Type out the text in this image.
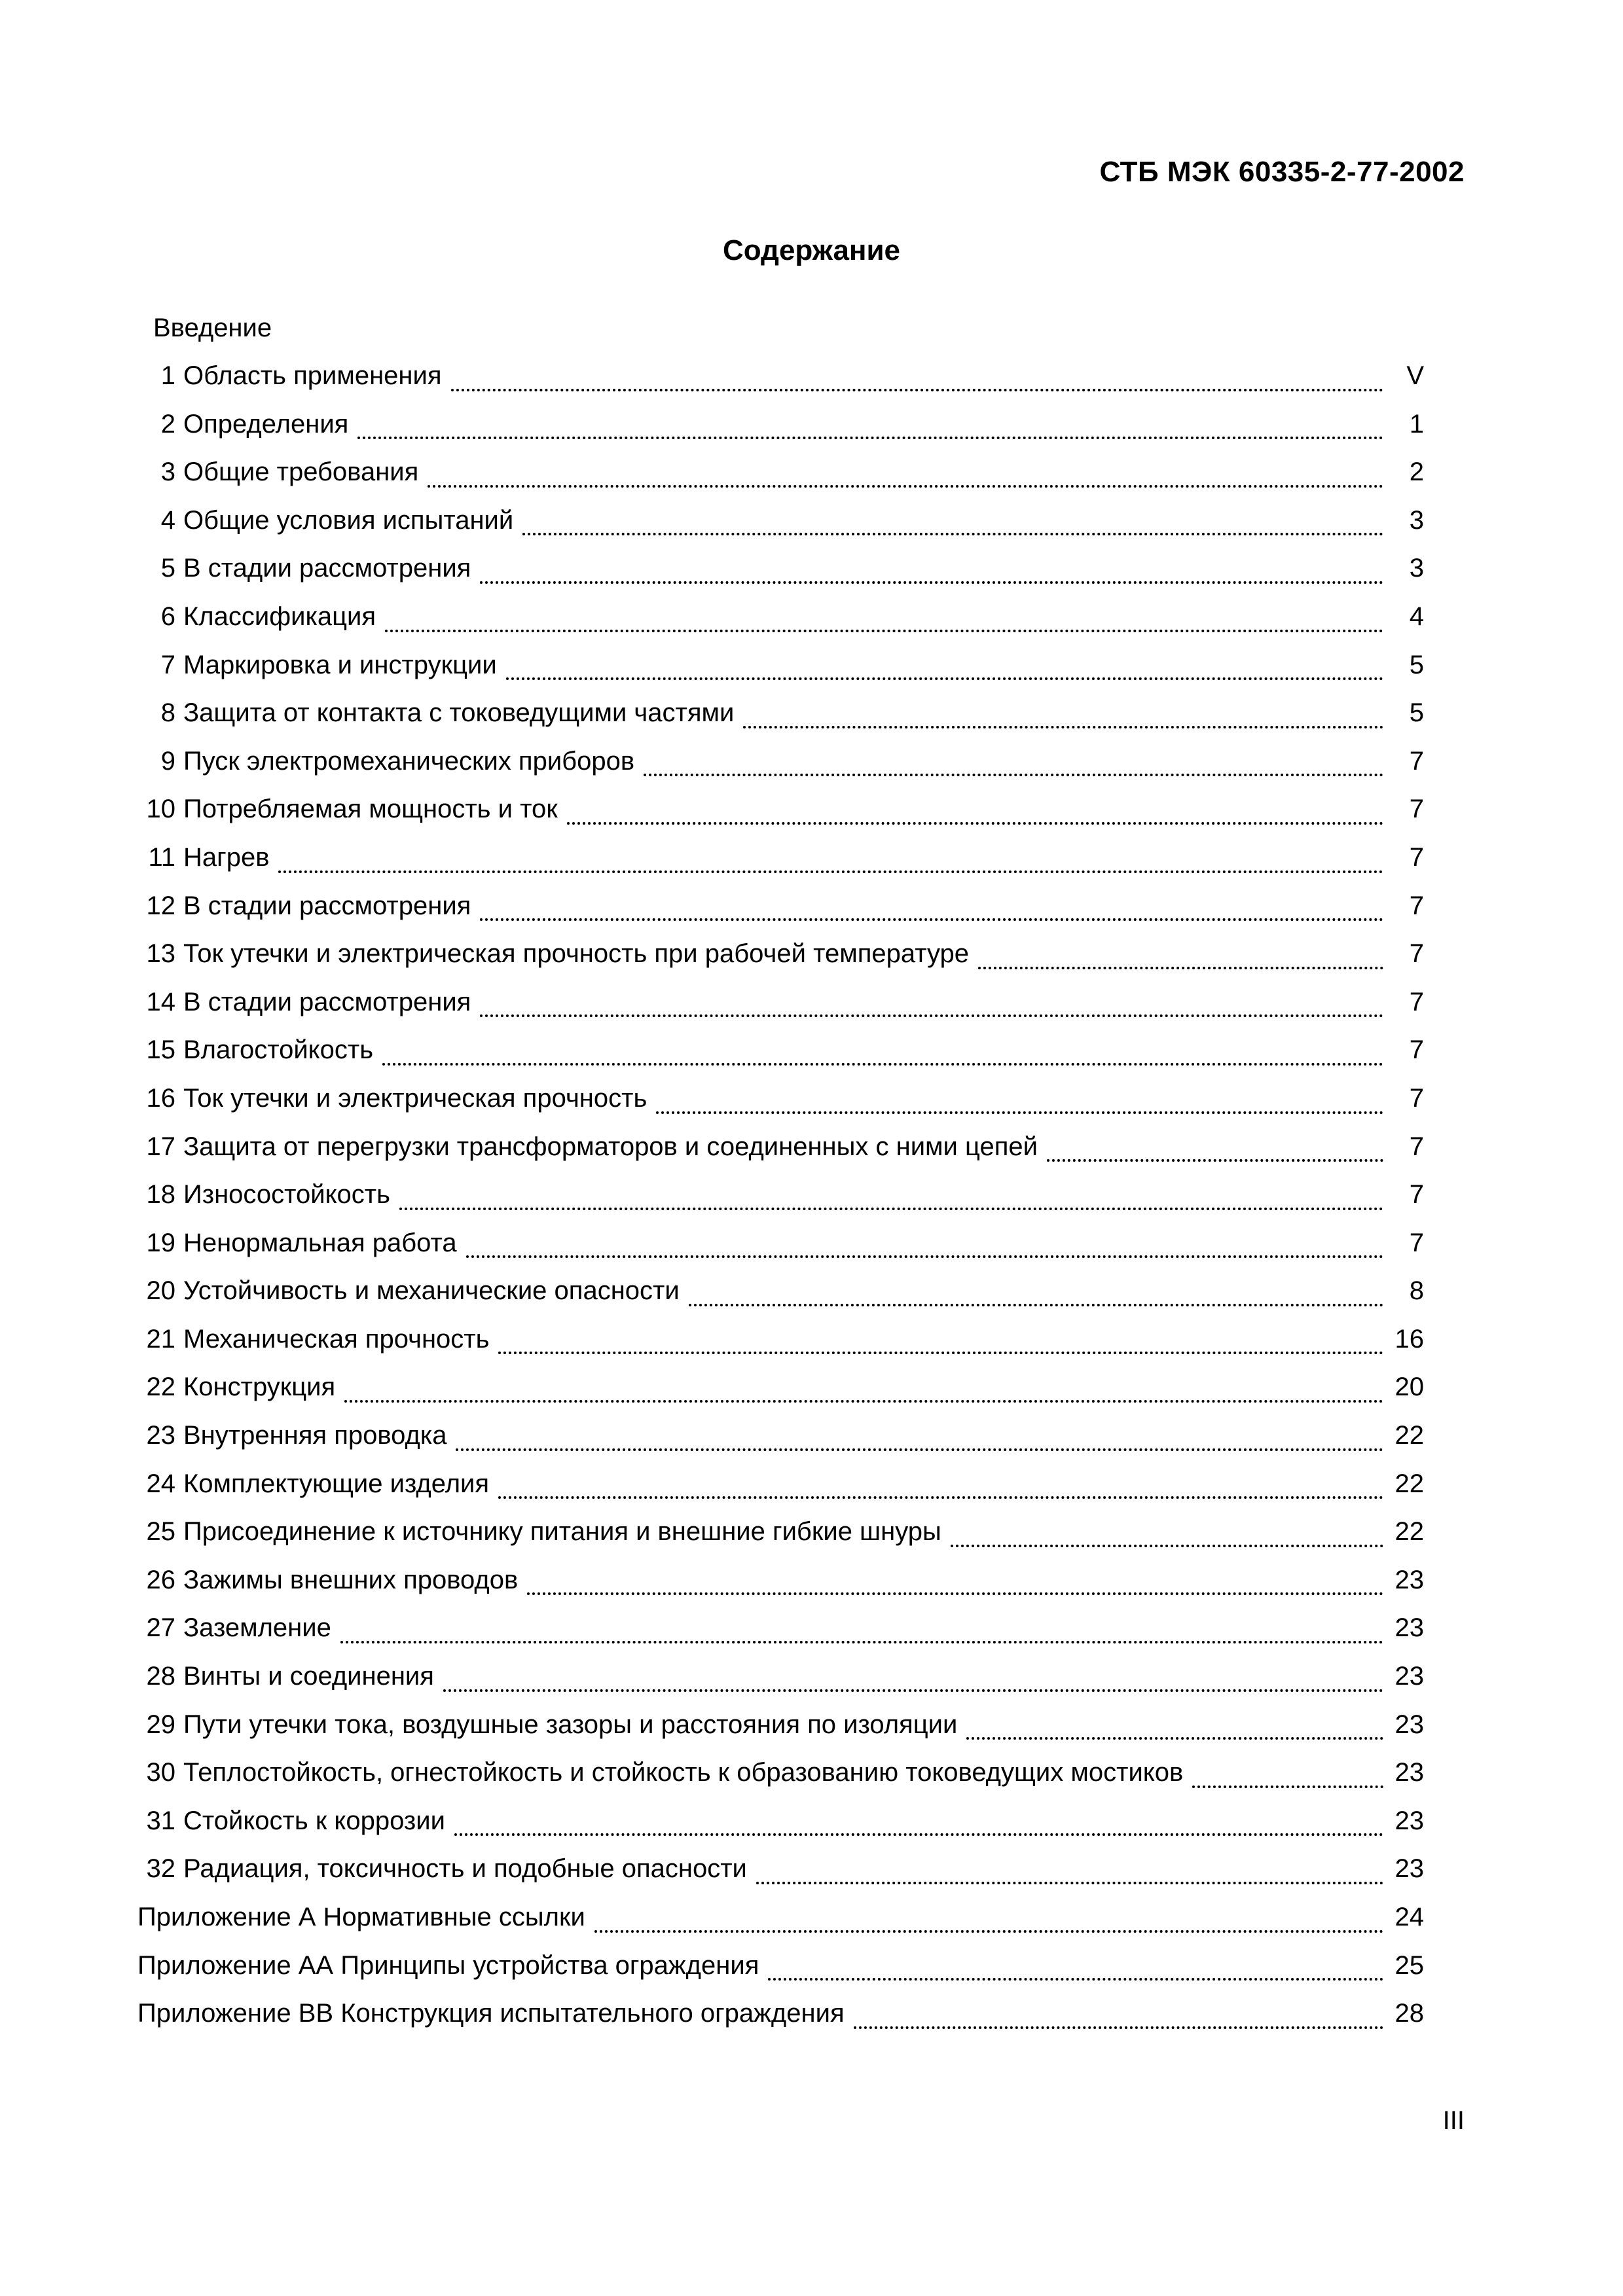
СТБ МЭК 60335-2-77-2002
Содержание
Введение
1 Область применения	V
2 Определения	1
3 Общие требования	2
4 Общие условия испытаний	3
5 В стадии рассмотрения	3
6 Классификация	4
7 Маркировка и инструкции	5
8 Защита от контакта с токоведущими частями	5
9 Пуск электромеханических приборов	7
10 Потребляемая мощность и ток	7
11 Нагрев	7
12 В стадии рассмотрения	7
13 Ток утечки и электрическая прочность при рабочей температуре	7
14 В стадии рассмотрения	7
15 Влагостойкость	7
16 Ток утечки и электрическая прочность	7
17 Защита от перегрузки трансформаторов и соединенных с ними цепей	7
18 Износостойкость	7
19 Ненормальная работа	7
20 Устойчивость и механические опасности	8
21 Механическая прочность	16
22 Конструкция	20
23 Внутренняя проводка	22
24 Комплектующие изделия	22
25 Присоединение к источнику питания и внешние гибкие шнуры	22
26 Зажимы внешних проводов	23
27 Заземление	23
28 Винты и соединения	23
29 Пути утечки тока, воздушные зазоры и расстояния по изоляции	23
30 Теплостойкость, огнестойкость и стойкость к образованию токоведущих мостиков	23
31 Стойкость к коррозии	23
32 Радиация, токсичность и подобные опасности	23
Приложение А Нормативные ссылки	24
Приложение АА Принципы устройства ограждения	25
Приложение ВВ Конструкция испытательного ограждения	28
III
